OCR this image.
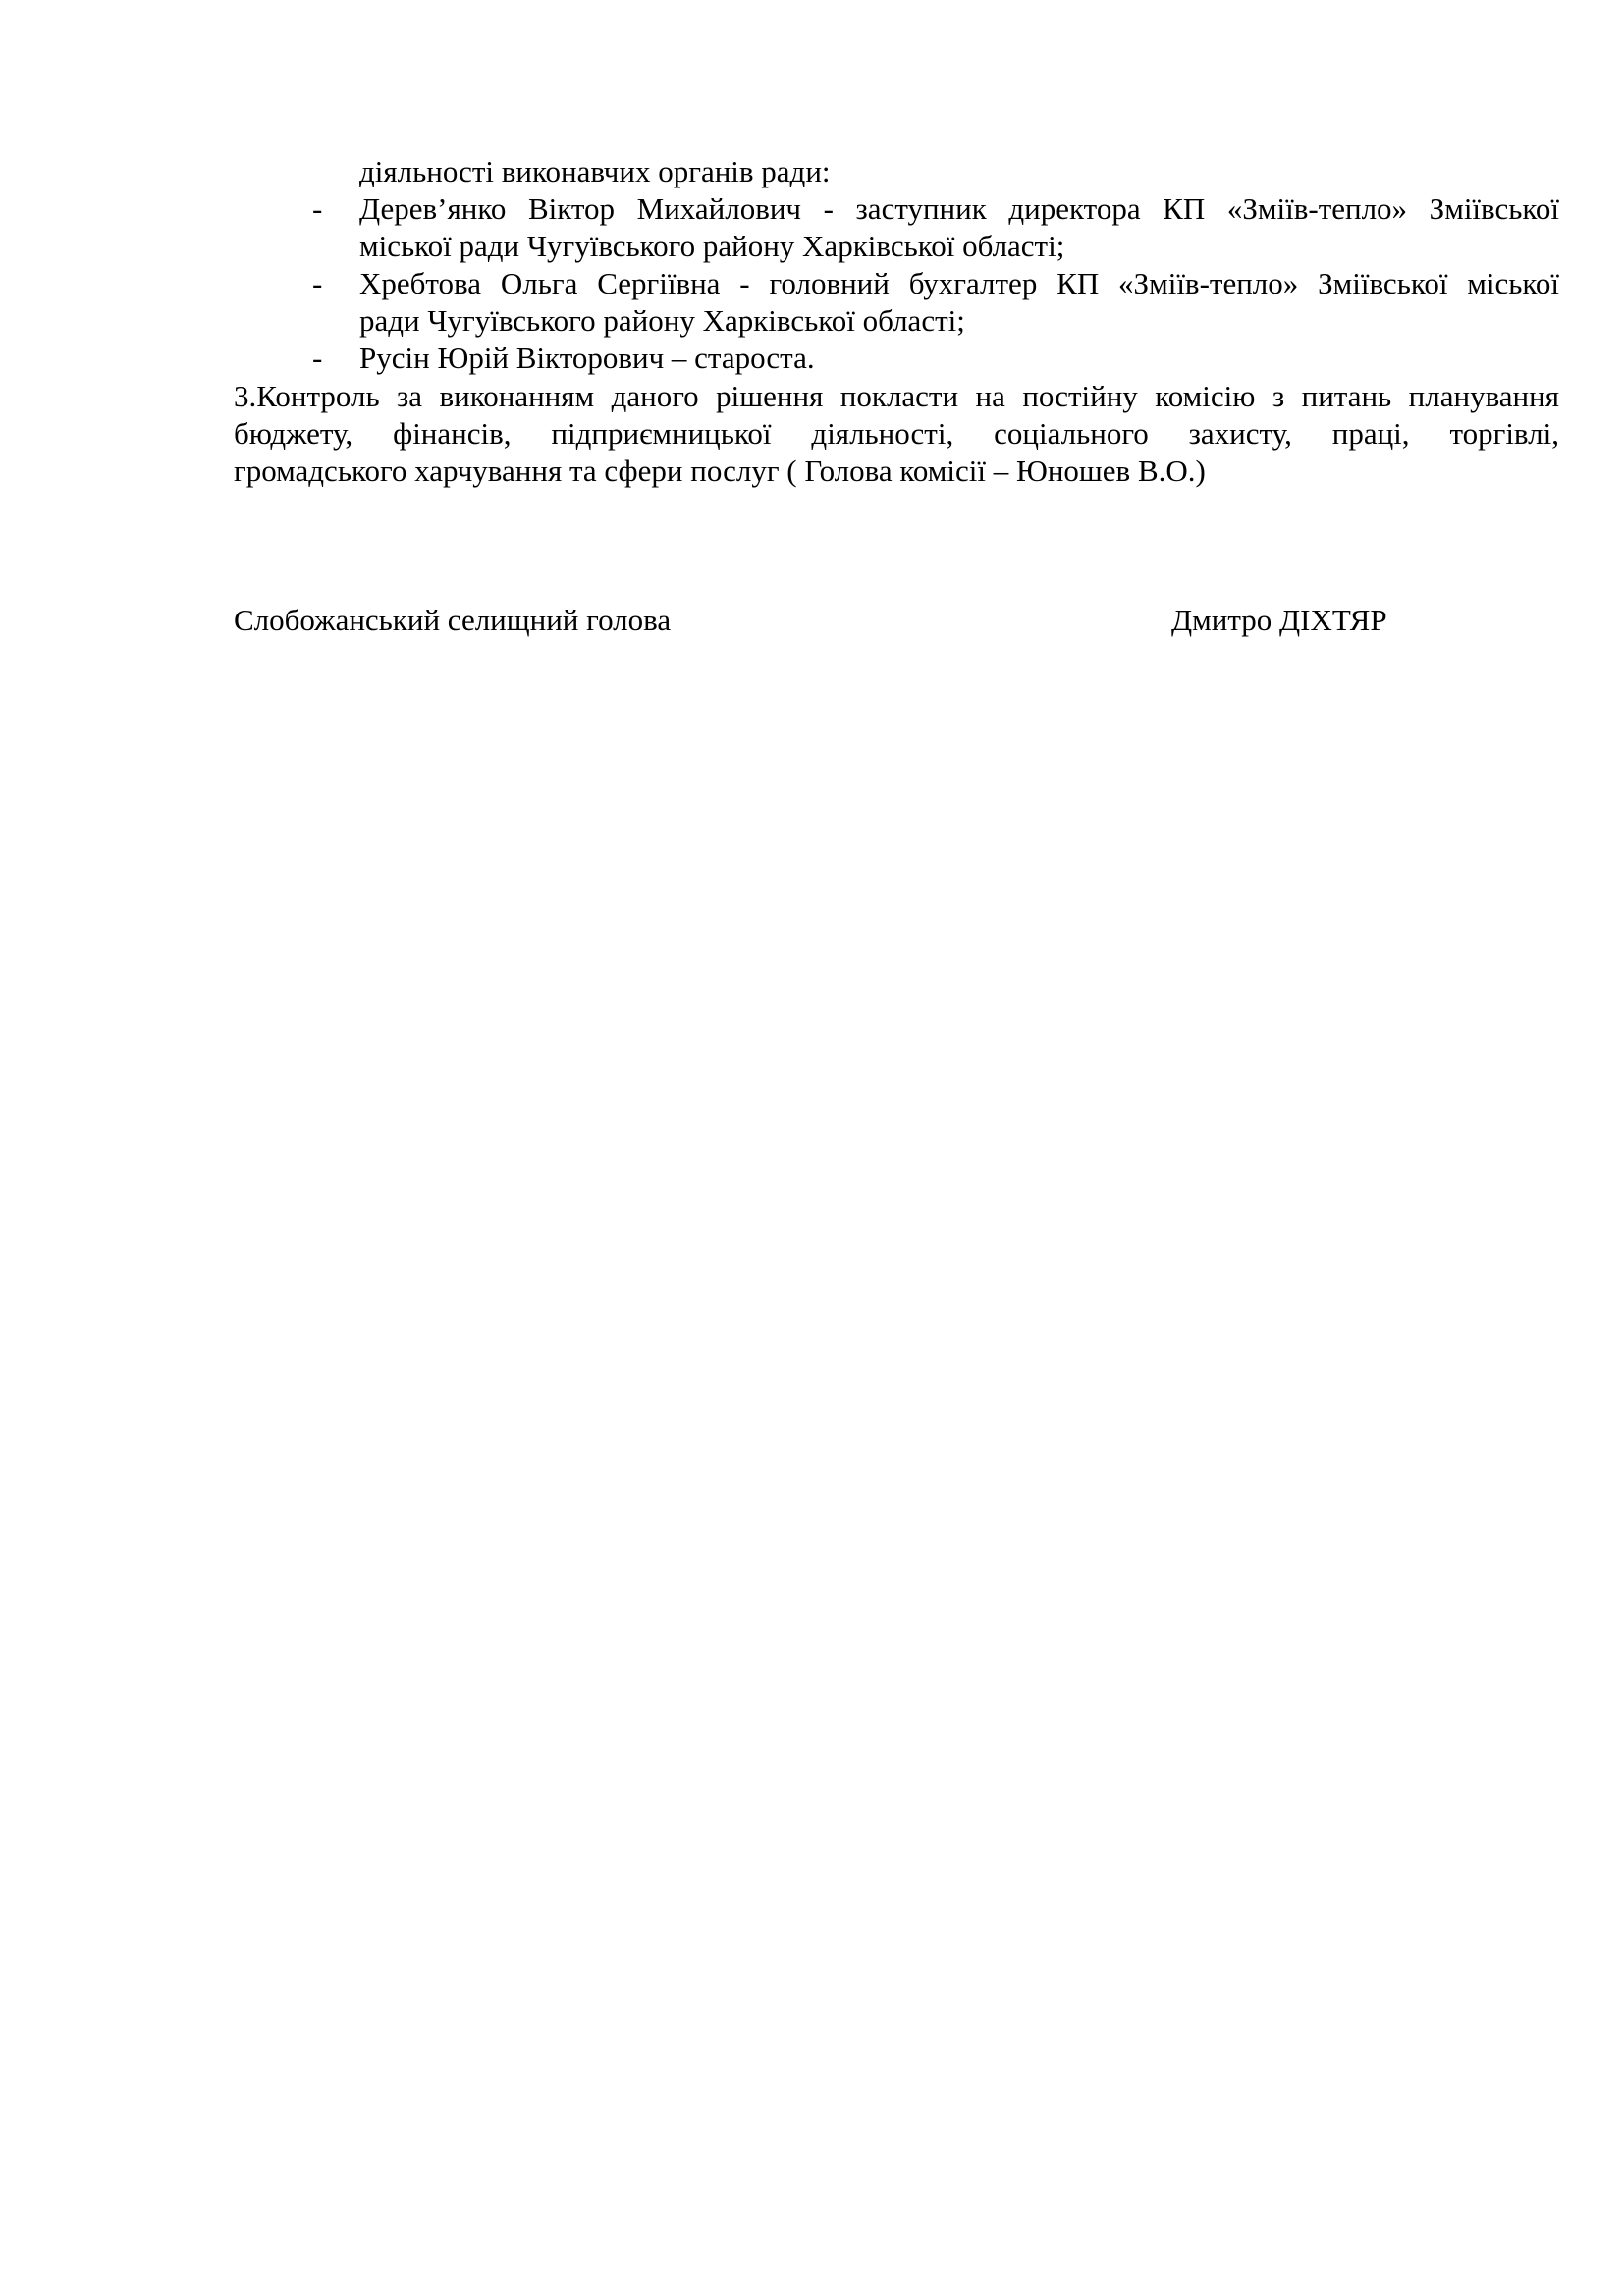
діяльності виконавчих органів ради:
- Дерев’янко Віктор Михайлович - заступник директора КП «Зміїв-тепло» Зміївської
міської ради Чугуївського району Харківської області;
- Хребтова Ольга Сергіївна - головний бухгалтер КП «Зміїв-тепло» Зміївської міської
ради Чугуївського району Харківської області;
- Русін Юрій Вікторович – староста.
3.Контроль за виконанням даного рішення покласти на постійну комісію з питань планування
бюджету, фінансів, підприємницької діяльності, соціального захисту, праці, торгівлі,
громадського харчування та сфери послуг ( Голова комісії – Юношев В.О.)
Слобожанський селищний голова	Дмитро ДІХТЯР
